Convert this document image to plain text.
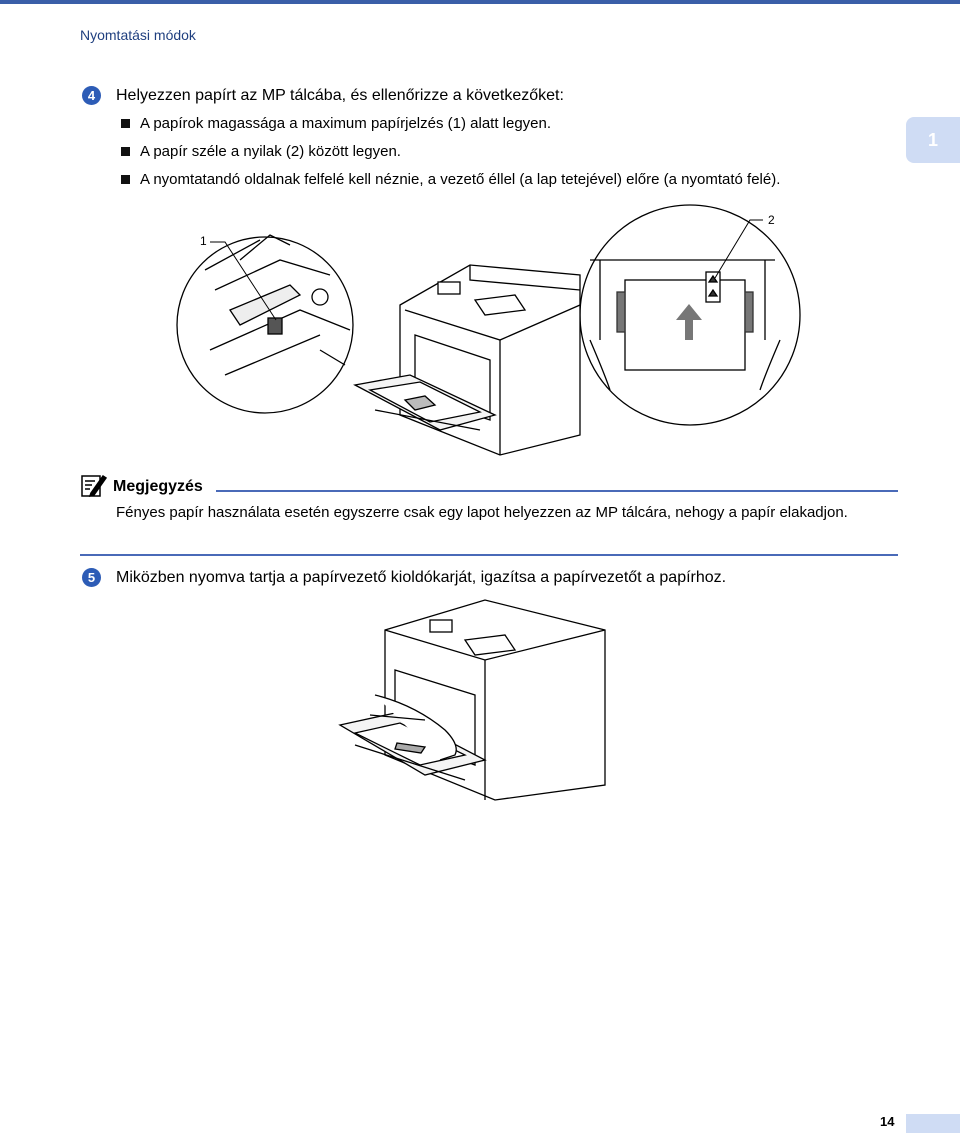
Nyomtatási módok
1
4	Helyezzen papírt az MP tálcába, és ellenőrizze a következőket:
A papírok magassága a maximum papírjelzés (1) alatt legyen.
A papír széle a nyilak (2) között legyen.
A nyomtatandó oldalnak felfelé kell néznie, a vezető éllel (a lap tetejével) előre (a nyomtató felé).
1
2
Megjegyzés
Fényes papír használata esetén egyszerre csak egy lapot helyezzen az MP tálcára, nehogy a papír elakadjon.
5	Miközben nyomva tartja a papírvezető kioldókarját, igazítsa a papírvezetőt a papírhoz.
14
